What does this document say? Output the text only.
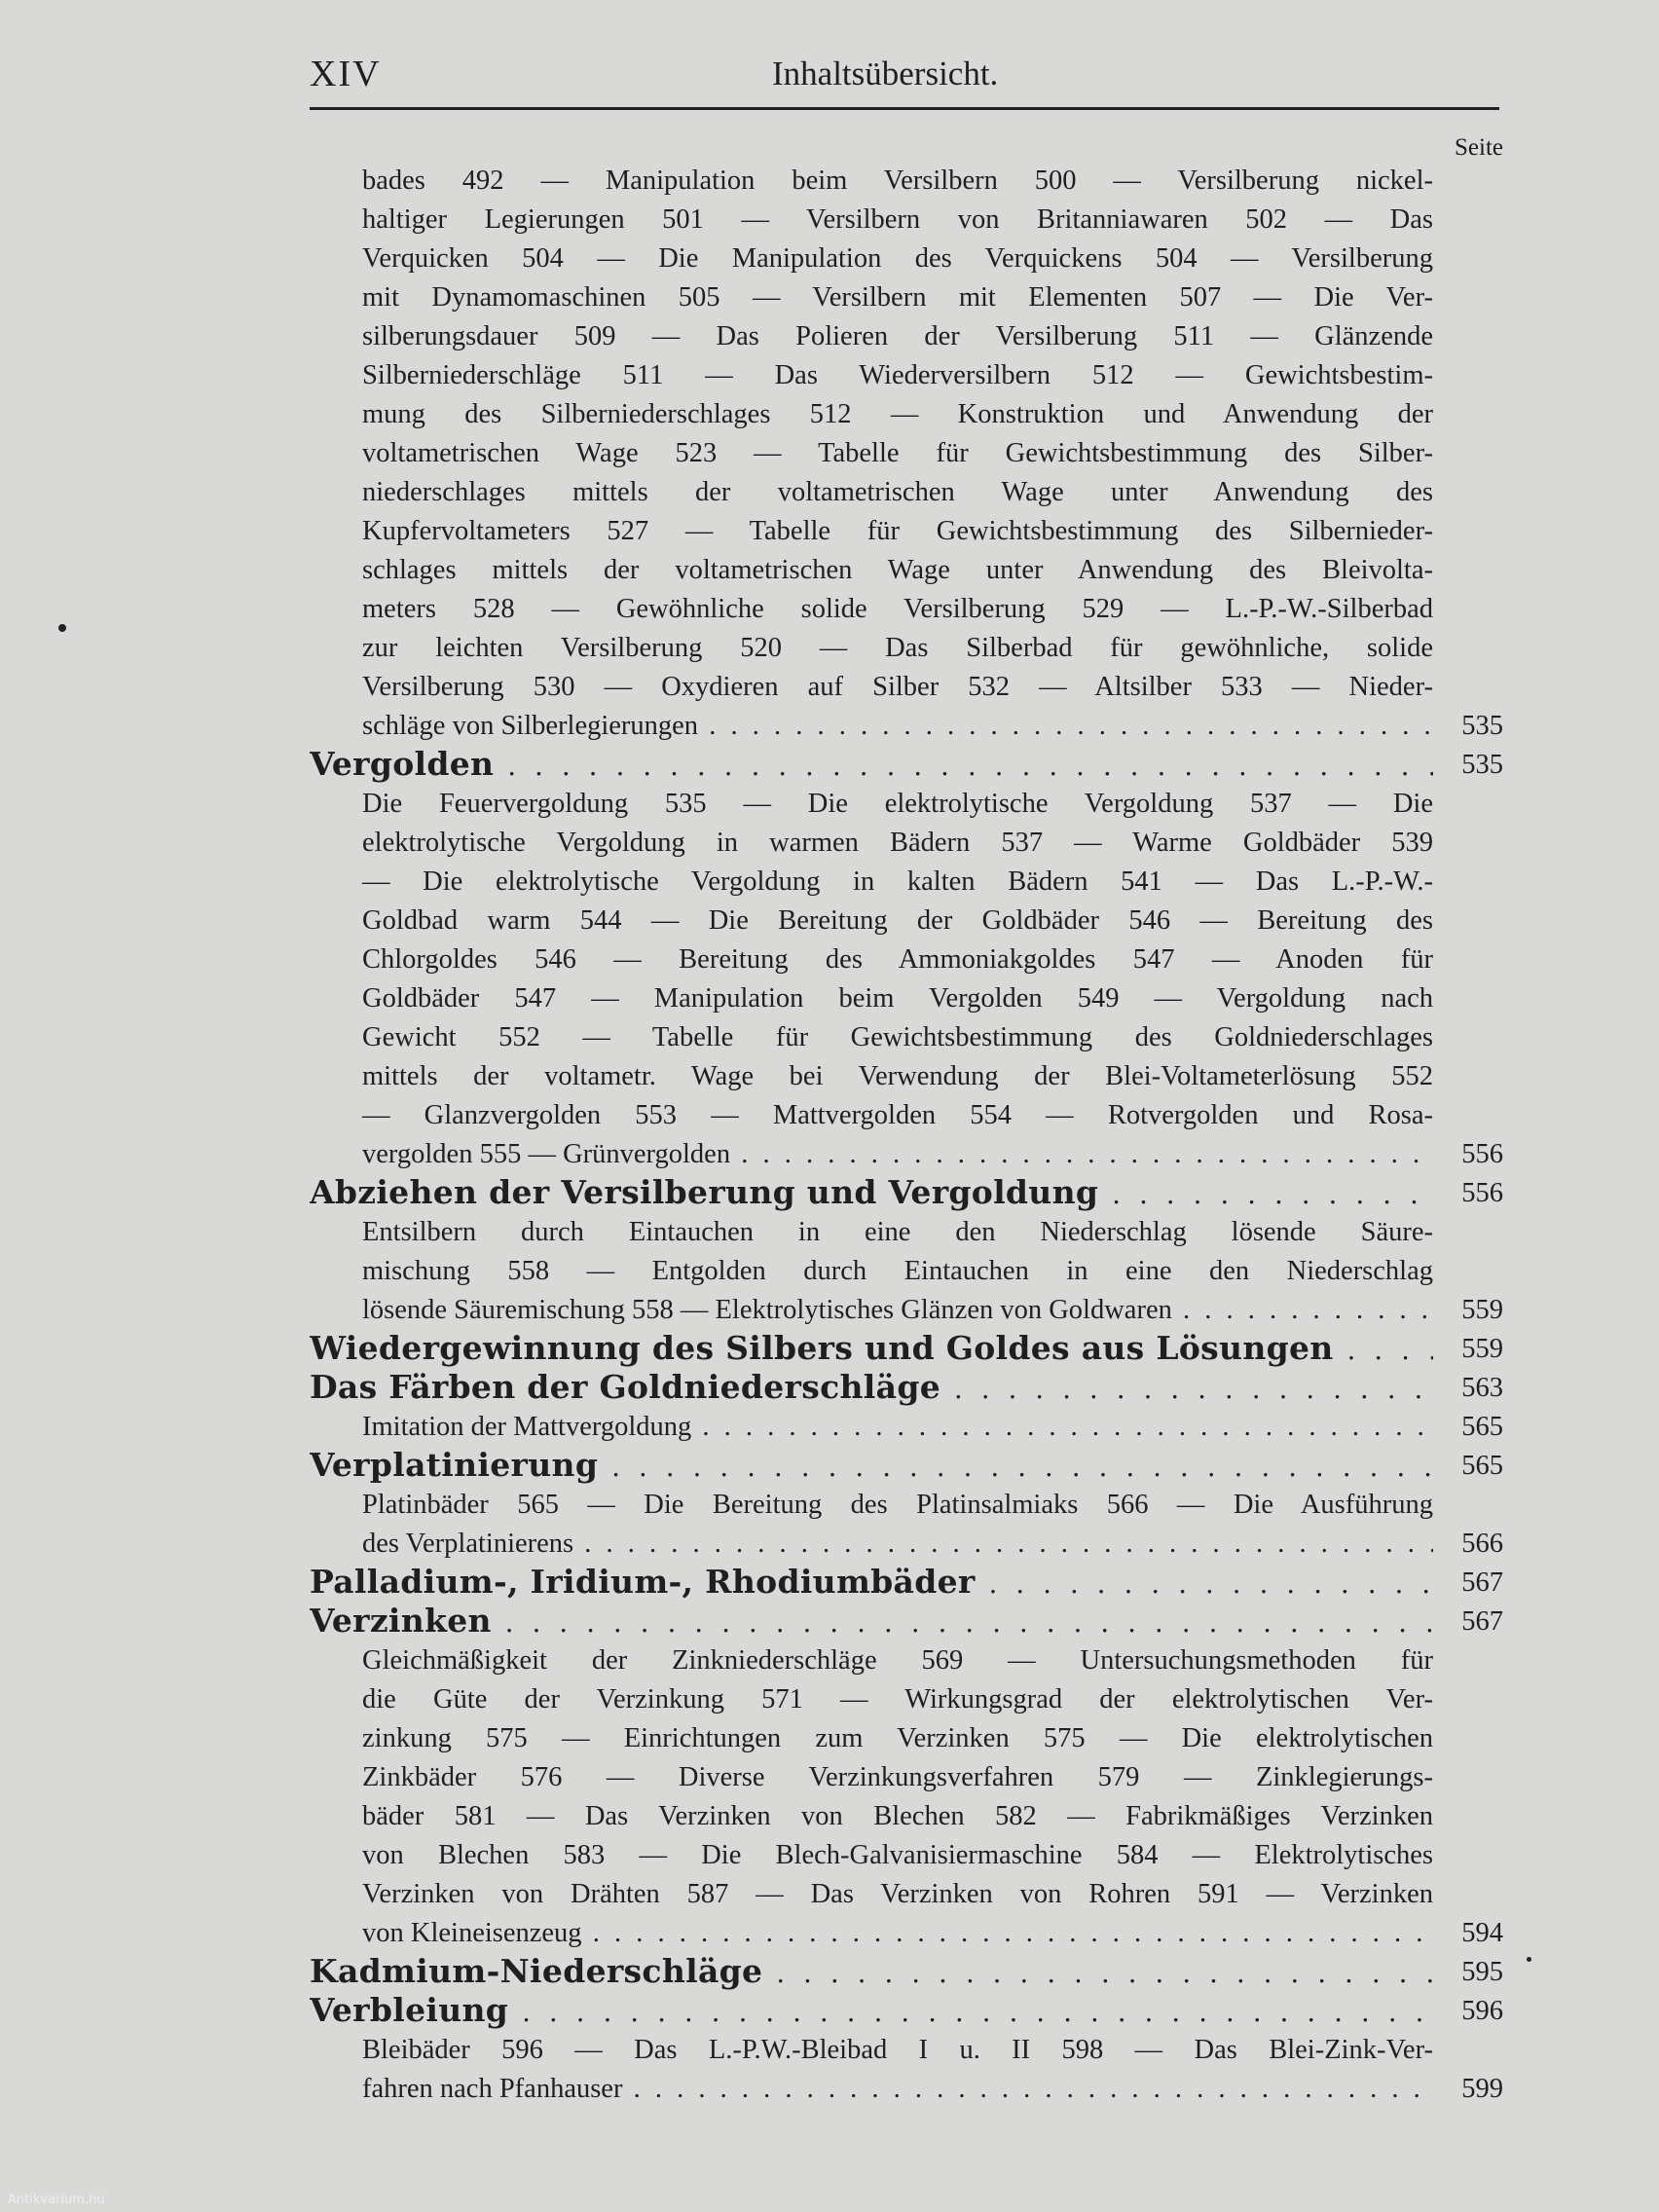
XIV	Inhaltsübersicht.
Seite
bades 492 — Manipulation beim Versilbern 500 — Versilberung nickel-
haltiger Legierungen 501 — Versilbern von Britanniawaren 502 — Das
Verquicken 504 — Die Manipulation des Verquickens 504 — Versilberung
mit Dynamomaschinen 505 — Versilbern mit Elementen 507 — Die Ver-
silberungsdauer 509 — Das Polieren der Versilberung 511 — Glänzende
Silberniederschläge 511 — Das Wiederversilbern 512 — Gewichtsbestim-
mung des Silberniederschlages 512 — Konstruktion und Anwendung der
voltametrischen Wage 523 — Tabelle für Gewichtsbestimmung des Silber-
niederschlages mittels der voltametrischen Wage unter Anwendung des
Kupfervoltameters 527 — Tabelle für Gewichtsbestimmung des Silbernieder-
schlages mittels der voltametrischen Wage unter Anwendung des Bleivolta-
meters 528 — Gewöhnliche solide Versilberung 529 — L.-P.-W.-Silberbad
zur leichten Versilberung 520 — Das Silberbad für gewöhnliche, solide
Versilberung 530 — Oxydieren auf Silber 532 — Altsilber 533 — Nieder-
schläge von Silberlegierungen . . .	535
Vergolden . . .	535
Die Feuervergoldung 535 — Die elektrolytische Vergoldung 537 — Die
elektrolytische Vergoldung in warmen Bädern 537 — Warme Goldbäder 539
— Die elektrolytische Vergoldung in kalten Bädern 541 — Das L.-P.-W.-
Goldbad warm 544 — Die Bereitung der Goldbäder 546 — Bereitung des
Chlorgoldes 546 — Bereitung des Ammoniakgoldes 547 — Anoden für
Goldbäder 547 — Manipulation beim Vergolden 549 — Vergoldung nach
Gewicht 552 — Tabelle für Gewichtsbestimmung des Goldniederschlages
mittels der voltametr. Wage bei Verwendung der Blei-Voltameterlösung 552
— Glanzvergolden 553 — Mattvergolden 554 — Rotvergolden und Rosa-
vergolden 555 — Grünvergolden . . .	556
Abziehen der Versilberung und Vergoldung . . .	556
Entsilbern durch Eintauchen in eine den Niederschlag lösende Säure-
mischung 558 — Entgolden durch Eintauchen in eine den Niederschlag
lösende Säuremischung 558 — Elektrolytisches Glänzen von Goldwaren . . .	559
Wiedergewinnung des Silbers und Goldes aus Lösungen . . .	559
Das Färben der Goldniederschläge . . .	563
Imitation der Mattvergoldung . . .	565
Verplatinierung . . .	565
Platinbäder 565 — Die Bereitung des Platinsalmiaks 566 — Die Ausführung
des Verplatinierens . . .	566
Palladium-, Iridium-, Rhodiumbäder . . .	567
Verzinken . . .	567
Gleichmäßigkeit der Zinkniederschläge 569 — Untersuchungsmethoden für
die Güte der Verzinkung 571 — Wirkungsgrad der elektrolytischen Ver-
zinkung 575 — Einrichtungen zum Verzinken 575 — Die elektrolytischen
Zinkbäder 576 — Diverse Verzinkungsverfahren 579 — Zinklegierungs-
bäder 581 — Das Verzinken von Blechen 582 — Fabrikmäßiges Verzinken
von Blechen 583 — Die Blech-Galvanisiermaschine 584 — Elektrolytisches
Verzinken von Drähten 587 — Das Verzinken von Rohren 591 — Verzinken
von Kleineisenzeug . . .	594
Kadmium-Niederschläge . . .	595
Verbleiung . . .	596
Bleibäder 596 — Das L.-P.W.-Bleibad I u. II 598 — Das Blei-Zink-Ver-
fahren nach Pfanhauser . . .	599
Antikvarium.hu
